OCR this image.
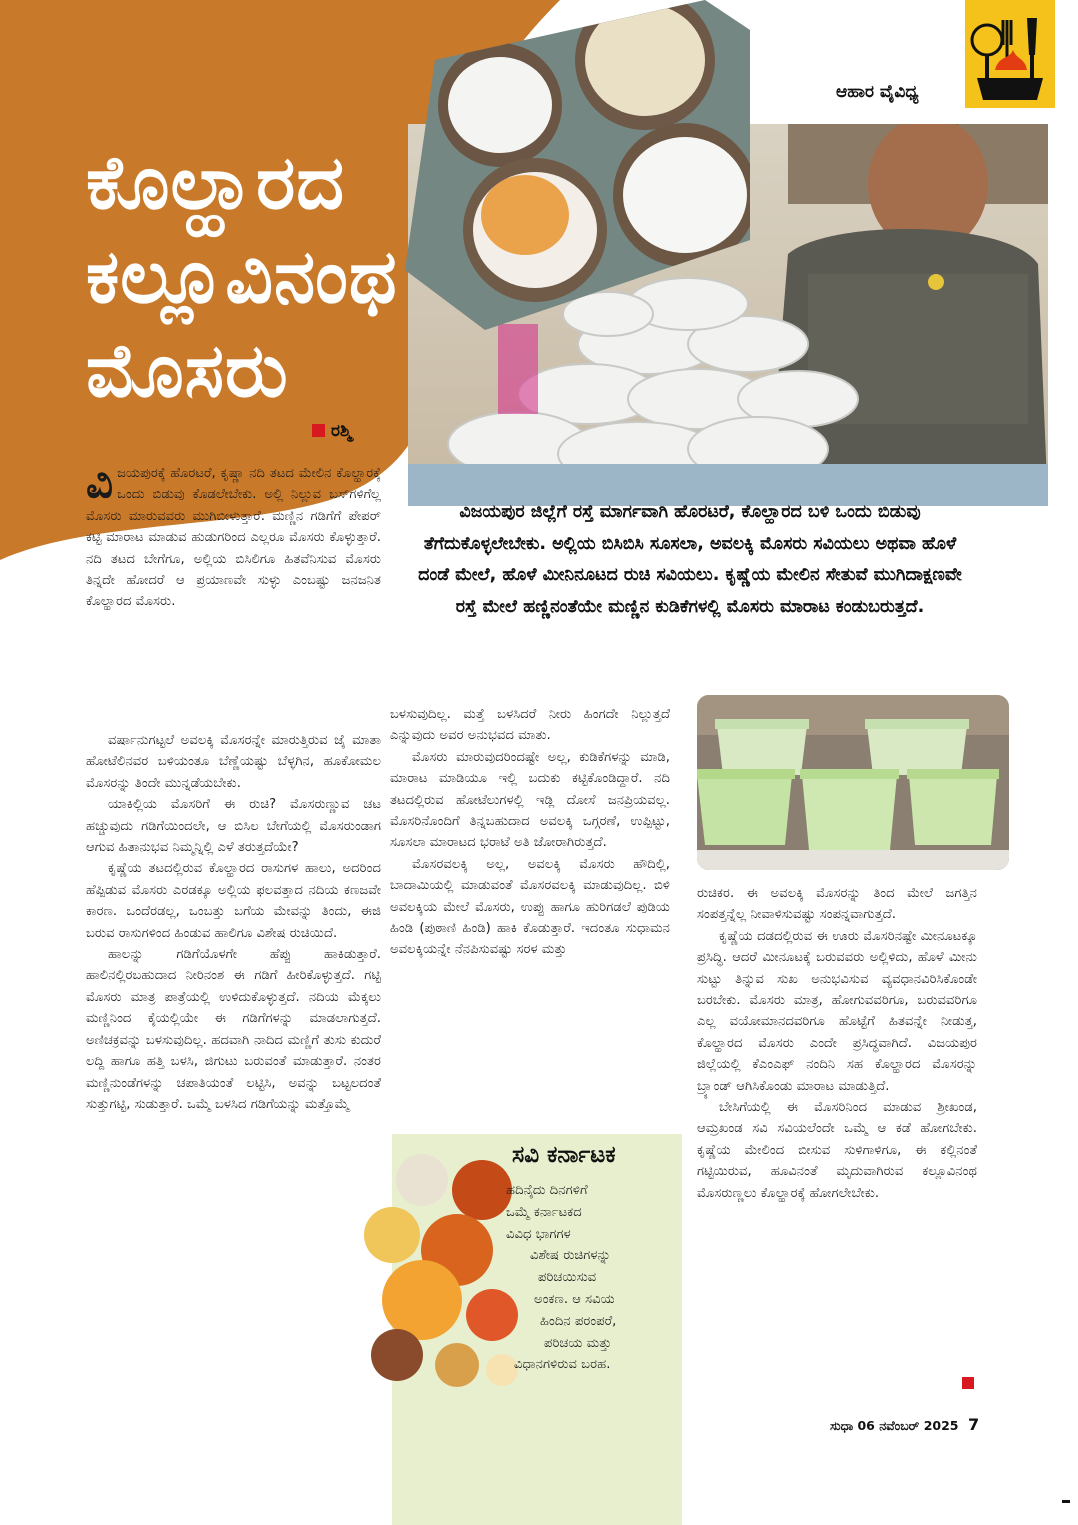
ಆಹಾರ ವೈವಿಧ್ಯ
ಕೊಲ್ಹಾರದ
ಕಲ್ಲೂವಿನಂಥ
ಮೊಸರು
ರಶ್ಮಿ
ವಿಜಯಪುರ ಜಿಲ್ಲೆಗೆ ರಸ್ತೆ ಮಾರ್ಗವಾಗಿ ಹೊರಟರೆ, ಕೊಲ್ಹಾರದ ಬಳಿ ಒಂದು ಬಿಡುವು ತೆಗೆದುಕೊಳ್ಳಲೇಬೇಕು. ಅಲ್ಲಿಯ ಬಿಸಿಬಿಸಿ ಸೂಸಲಾ, ಅವಲಕ್ಕಿ ಮೊಸರು ಸವಿಯಲು ಅಥವಾ ಹೊಳೆ ದಂಡೆ ಮೇಲೆ, ಹೊಳೆ ಮೀನಿನೂಟದ ರುಚಿ ಸವಿಯಲು. ಕೃಷ್ಣೆಯ ಮೇಲಿನ ಸೇತುವೆ ಮುಗಿದಾಕ್ಷಣವೇ ರಸ್ತೆ ಮೇಲೆ ಹಣ್ಣಿನಂತೆಯೇ ಮಣ್ಣಿನ ಕುಡಿಕೆಗಳಲ್ಲಿ ಮೊಸರು ಮಾರಾಟ ಕಂಡುಬರುತ್ತದೆ.

ವಿಜಯಪುರಕ್ಕೆ ಹೊರಟರೆ, ಕೃಷ್ಣಾ ನದಿ ತಟದ ಮೇಲಿನ ಕೊಲ್ಹಾರಕ್ಕೆ ಒಂದು ಬಿಡುವು ಕೊಡಲೇಬೇಕು. ಅಲ್ಲಿ ನಿಲ್ಲುವ ಬಸ್‌ಗಳಿಗೆಲ್ಲ ಮೊಸರು ಮಾರುವವರು ಮುಗಿಬೀಳುತ್ತಾರೆ. ಮಣ್ಣಿನ ಗಡಿಗೆಗೆ ಪೇಪರ್ ಕಟ್ಟಿ ಮಾರಾಟ ಮಾಡುವ ಹುಡುಗರಿಂದ ಎಲ್ಲರೂ ಮೊಸರು ಕೊಳ್ಳುತ್ತಾರೆ. ನದಿ ತಟದ ಬೇಗೆಗೂ, ಅಲ್ಲಿಯ ಬಿಸಿಲಿಗೂ ಹಿತವೆನಿಸುವ ಮೊಸರು ತಿನ್ನದೇ ಹೋದರೆ ಆ ಪ್ರಯಾಣವೇ ಸುಳ್ಳು ಎಂಬಷ್ಟು ಜನಜನಿತ ಕೊಲ್ಹಾರದ ಮೊಸರು.

ವರ್ಷಾನುಗಟ್ಟಲೆ ಅವಲಕ್ಕಿ ಮೊಸರನ್ನೇ ಮಾರುತ್ತಿರುವ ಜೈ ಮಾತಾ ಹೋಟೆಲಿನವರ ಬಳಿಯಂತೂ ಬೆಣ್ಣೆಯಷ್ಟು ಬೆಳ್ಳಗಿನ, ಹೂಕೋಮಲ ಮೊಸರನ್ನು ತಿಂದೇ ಮುನ್ನಡೆಯಬೇಕು.

ಯಾಕಿಲ್ಲಿಯ ಮೊಸರಿಗೆ ಈ ರುಚಿ? ಮೊಸರುಣ್ಣುವ ಚಟ ಹಚ್ಚುವುದು ಗಡಿಗೆಯಿಂದಲೇ, ಆ ಬಿಸಿಲ ಬೇಗೆಯಲ್ಲಿ ಮೊಸರುಂಡಾಗ ಆಗುವ ಹಿತಾನುಭವ ನಿಮ್ಮನ್ನಿಲ್ಲಿ ಎಳೆ ತರುತ್ತದೆಯೇ?

ಕೃಷ್ಣೆಯ ತಟದಲ್ಲಿರುವ ಕೊಲ್ಹಾರದ ರಾಸುಗಳ ಹಾಲು, ಅದರಿಂದ ಹೆಪ್ಪಿಡುವ ಮೊಸರು ಎರಡಕ್ಕೂ ಅಲ್ಲಿಯ ಫಲವತ್ತಾದ ನದಿಯ ಕಣಜವೇ ಕಾರಣ. ಒಂದೆರಡಲ್ಲ, ಒಂಬತ್ತು ಬಗೆಯ ಮೇವನ್ನು ತಿಂದು, ಈಜಿ ಬರುವ ರಾಸುಗಳಿಂದ ಹಿಂಡುವ ಹಾಲಿಗೂ ವಿಶೇಷ ರುಚಿಯಿದೆ.

ಹಾಲನ್ನು ಗಡಿಗೆಯೊಳಗೇ ಹೆಪ್ಪು ಹಾಕಿಡುತ್ತಾರೆ. ಹಾಲಿನಲ್ಲಿರಬಹುದಾದ ನೀರಿನಂಶ ಈ ಗಡಿಗೆ ಹೀರಿಕೊಳ್ಳುತ್ತದೆ. ಗಟ್ಟಿ ಮೊಸರು ಮಾತ್ರ ಪಾತ್ರೆಯಲ್ಲಿ ಉಳಿದುಕೊಳ್ಳುತ್ತದೆ. ನದಿಯ ಮೆಕ್ಕಲು ಮಣ್ಣಿನಿಂದ ಕೈಯಲ್ಲಿಯೇ ಈ ಗಡಿಗೆಗಳನ್ನು ಮಾಡಲಾಗುತ್ತದೆ. ಅಣಿಚಕ್ರವನ್ನು ಬಳಸುವುದಿಲ್ಲ. ಹದವಾಗಿ ನಾದಿದ ಮಣ್ಣಿಗೆ ತುಸು ಕುದುರೆ ಲದ್ದಿ ಹಾಗೂ ಹತ್ತಿ ಬಳಸಿ, ಜಿಗುಟು ಬರುವಂತೆ ಮಾಡುತ್ತಾರೆ. ನಂತರ ಮಣ್ಣಿನುಂಡೆಗಳನ್ನು ಚಪಾತಿಯಂತೆ ಲಟ್ಟಿಸಿ, ಅವನ್ನು ಬಟ್ಟಲದಂತೆ ಸುತ್ತುಗಟ್ಟಿ, ಸುಡುತ್ತಾರೆ. ಒಮ್ಮೆ ಬಳಸಿದ ಗಡಿಗೆಯನ್ನು ಮತ್ತೊಮ್ಮೆ

ಬಳಸುವುದಿಲ್ಲ. ಮತ್ತೆ ಬಳಸಿದರೆ ನೀರು ಹಿಂಗದೇ ನಿಲ್ಲುತ್ತದೆ ಎನ್ನುವುದು ಅವರ ಅನುಭವದ ಮಾತು.

ಮೊಸರು ಮಾರುವುದರಿಂದಷ್ಟೇ ಅಲ್ಲ, ಕುಡಿಕೆಗಳನ್ನು ಮಾಡಿ, ಮಾರಾಟ ಮಾಡಿಯೂ ಇಲ್ಲಿ ಬದುಕು ಕಟ್ಟಿಕೊಂಡಿದ್ದಾರೆ. ನದಿ ತಟದಲ್ಲಿರುವ ಹೋಟೆಲುಗಳಲ್ಲಿ ಇಡ್ಲಿ ದೋಸೆ ಜನಪ್ರಿಯವಲ್ಲ. ಮೊಸರಿನೊಂದಿಗೆ ತಿನ್ನಬಹುದಾದ ಅವಲಕ್ಕಿ ಒಗ್ಗರಣೆ, ಉಪ್ಪಿಟ್ಟು, ಸೂಸಲಾ ಮಾರಾಟದ ಭರಾಟೆ ಅತಿ ಜೋರಾಗಿರುತ್ತದೆ.

ಮೊಸರವಲಕ್ಕಿ ಅಲ್ಲ, ಅವಲಕ್ಕಿ ಮೊಸರು ಹೌದಿಲ್ಲಿ, ಬಾದಾಮಿಯಲ್ಲಿ ಮಾಡುವಂತೆ ಮೊಸರವಲಕ್ಕಿ ಮಾಡುವುದಿಲ್ಲ. ಬಿಳಿ ಅವಲಕ್ಕಿಯ ಮೇಲೆ ಮೊಸರು, ಉಪ್ಪು ಹಾಗೂ ಹುರಿಗಡಲೆ ಪುಡಿಯ ಹಿಂಡಿ (ಪುಠಾಣಿ ಹಿಂಡಿ) ಹಾಕಿ ಕೊಡುತ್ತಾರೆ. ಇದಂತೂ ಸುಧಾಮನ ಅವಲಕ್ಕಿಯನ್ನೇ ನೆನಪಿಸುವಷ್ಟು ಸರಳ ಮತ್ತು

ರುಚಿಕರ. ಈ ಅವಲಕ್ಕಿ ಮೊಸರನ್ನು ತಿಂದ ಮೇಲೆ ಜಗತ್ತಿನ ಸಂಪತ್ತನ್ನೆಲ್ಲ ನೀವಾಳಿಸುವಷ್ಟು ಸಂಪನ್ನವಾಗುತ್ತದೆ.

ಕೃಷ್ಣೆಯ ದಡದಲ್ಲಿರುವ ಈ ಊರು ಮೊಸರಿನಷ್ಟೇ ಮೀನೂಟಕ್ಕೂ ಪ್ರಸಿದ್ಧಿ. ಆದರೆ ಮೀನೂಟಕ್ಕೆ ಬರುವವರು ಅಲ್ಲಿಳಿದು, ಹೊಳೆ ಮೀನು ಸುಟ್ಟು ತಿನ್ನುವ ಸುಖ ಅನುಭವಿಸುವ ವ್ಯವಧಾನವಿರಿಸಿಕೊಂಡೇ ಬರಬೇಕು. ಮೊಸರು ಮಾತ್ರ, ಹೋಗುವವರಿಗೂ, ಬರುವವರಿಗೂ ಎಲ್ಲ ವಯೋಮಾನದವರಿಗೂ ಹೊಟ್ಟೆಗೆ ಹಿತವನ್ನೇ ನೀಡುತ್ತ, ಕೊಲ್ಹಾರದ ಮೊಸರು ಎಂದೇ ಪ್ರಸಿದ್ಧವಾಗಿದೆ. ವಿಜಯಪುರ ಜಿಲ್ಲೆಯಲ್ಲಿ ಕೆಎಂಎಫ್ ನಂದಿನಿ ಸಹ ಕೊಲ್ಹಾರದ ಮೊಸರನ್ನು ಬ್ರ್ಯಾಂಡ್ ಆಗಿಸಿಕೊಂಡು ಮಾರಾಟ ಮಾಡುತ್ತಿದೆ.

ಬೇಸಿಗೆಯಲ್ಲಿ ಈ ಮೊಸರಿನಿಂದ ಮಾಡುವ ಶ್ರೀಖಂಡ, ಆಮ್ರಖಂಡ ಸವಿ ಸವಿಯಲೆಂದೇ ಒಮ್ಮೆ ಆ ಕಡೆ ಹೋಗಬೇಕು. ಕೃಷ್ಣೆಯ ಮೇಲಿಂದ ಬೀಸುವ ಸುಳಿಗಾಳಿಗೂ, ಈ ಕಲ್ಲಿನಂತೆ ಗಟ್ಟಿಯಿರುವ, ಹೂವಿನಂತೆ ಮೃದುವಾಗಿರುವ ಕಲ್ಲೂವಿನಂಥ ಮೊಸರುಣ್ಣಲು ಕೊಲ್ಹಾರಕ್ಕೆ ಹೋಗಲೇಬೇಕು.

ಸವಿ ಕರ್ನಾಟಕ
ಹದಿನೈದು ದಿನಗಳಿಗೆ
ಒಮ್ಮೆ ಕರ್ನಾಟಕದ
ವಿವಿಧ ಭಾಗಗಳ
ವಿಶೇಷ ರುಚಿಗಳನ್ನು
ಪರಿಚಯಿಸುವ
ಅಂಕಣ. ಆ ಸವಿಯ
ಹಿಂದಿನ ಪರಂಪರೆ,
ಪರಿಚಯ ಮತ್ತು
ವಿಧಾನಗಳಿರುವ ಬರಹ.
ಸುಧಾ 06 ನವೆಂಬರ್ 2025 7
